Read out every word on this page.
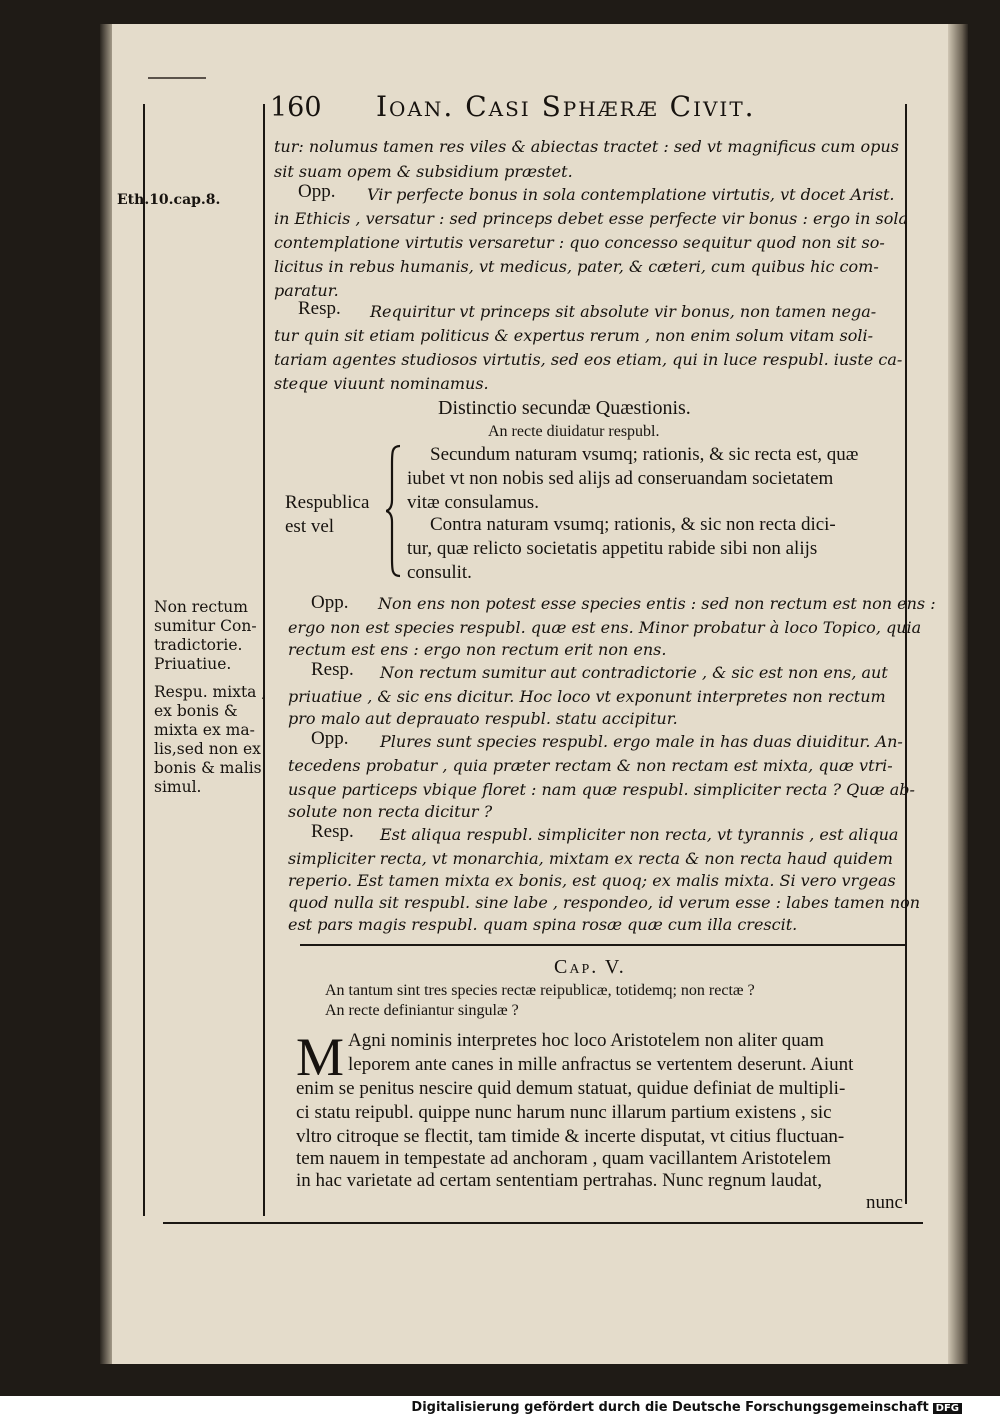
160 Ioan. Casi Sphæræ Civit.
Eth.10.cap.8.
Non rectum
sumitur Con-
tradictorie.
Priuatiue.
Respu. mixta ,
ex bonis &
mixta ex ma-
lis,sed non ex
bonis & malis
simul.
tur: nolumus tamen res viles & abiectas tractet : sed vt magnificus cum opus
sit suam opem & subsidium præstet.
Opp. Vir perfecte bonus in sola contemplatione virtutis, vt docet Arist.
in Ethicis , versatur : sed princeps debet esse perfecte vir bonus : ergo in sola
contemplatione virtutis versaretur : quo concesso sequitur quod non sit so-
licitus in rebus humanis, vt medicus, pater, & cæteri, cum quibus hic com-
paratur.
Resp. Requiritur vt princeps sit absolute vir bonus, non tamen nega-
tur quin sit etiam politicus & expertus rerum , non enim solum vitam soli-
tariam agentes studiosos virtutis, sed eos etiam, qui in luce respubl. iuste ca-
steque viuunt nominamus.
Distinctio secundæ Quæstionis.
An recte diuidatur respubl.
Respublica
est vel
Secundum naturam vsumq; rationis, & sic recta est, quæ
iubet vt non nobis sed alijs ad conseruandam societatem
vitæ consulamus.
Contra naturam vsumq; rationis, & sic non recta dici-
tur, quæ relicto societatis appetitu rabide sibi non alijs
consulit.
Opp. Non ens non potest esse species entis : sed non rectum est non ens :
ergo non est species respubl. quæ est ens. Minor probatur à loco Topico, quia
rectum est ens : ergo non rectum erit non ens.
Resp. Non rectum sumitur aut contradictorie , & sic est non ens, aut
priuatiue , & sic ens dicitur. Hoc loco vt exponunt interpretes non rectum
pro malo aut deprauato respubl. statu accipitur.
Opp. Plures sunt species respubl. ergo male in has duas diuiditur. An-
tecedens probatur , quia præter rectam & non rectam est mixta, quæ vtri-
usque particeps vbique floret : nam quæ respubl. simpliciter recta ? Quæ ab-
solute non recta dicitur ?
Resp. Est aliqua respubl. simpliciter non recta, vt tyrannis , est aliqua
simpliciter recta, vt monarchia, mixtam ex recta & non recta haud quidem
reperio. Est tamen mixta ex bonis, est quoq; ex malis mixta. Si vero vrgeas
quod nulla sit respubl. sine labe , respondeo, id verum esse : labes tamen non
est pars magis respubl. quam spina rosæ quæ cum illa crescit.
Cap. V.
An tantum sint tres species rectæ reipublicæ, totidemq; non rectæ ?
An recte definiantur singulæ ?
M Agni nominis interpretes hoc loco Aristotelem non aliter quam
leporem ante canes in mille anfractus se vertentem deserunt. Aiunt
enim se penitus nescire quid demum statuat, quidue definiat de multipli-
ci statu reipubl. quippe nunc harum nunc illarum partium existens , sic
vltro citroque se flectit, tam timide & incerte disputat, vt citius fluctuan-
tem nauem in tempestate ad anchoram , quam vacillantem Aristotelem
in hac varietate ad certam sententiam pertrahas. Nunc regnum laudat,
nunc
Digitalisierung gefördert durch die Deutsche Forschungsgemeinschaft DFG
